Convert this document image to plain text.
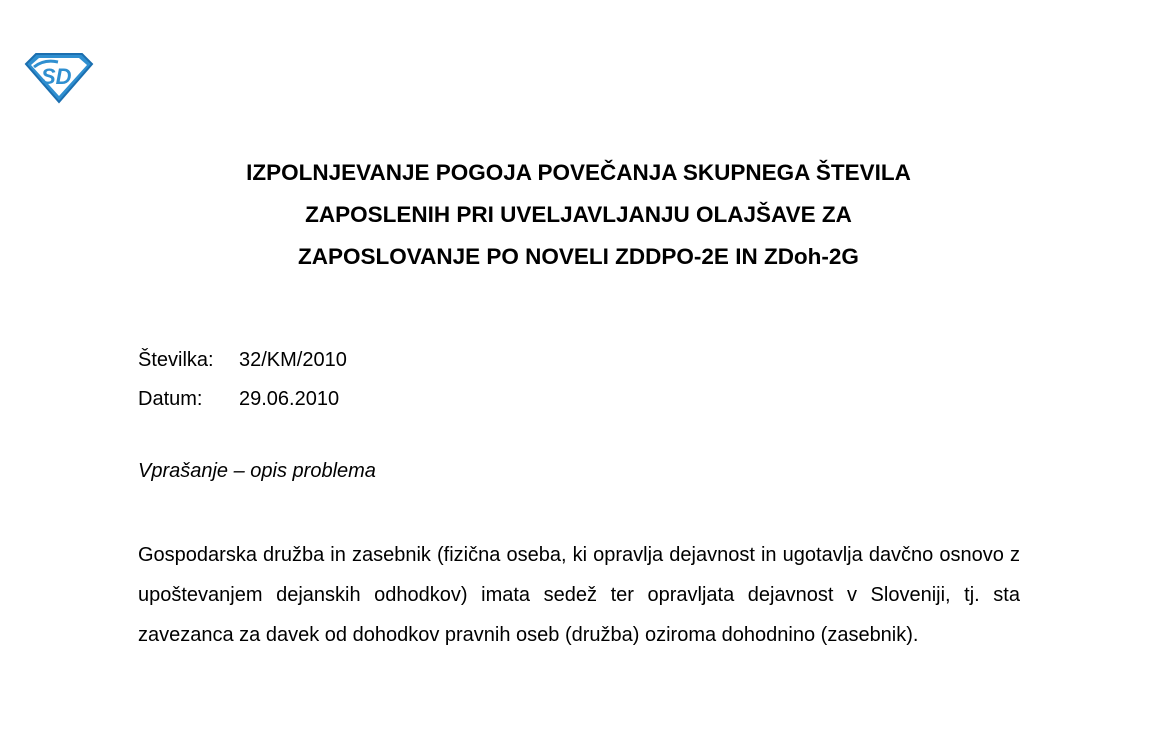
SD
IZPOLNJEVANJE POGOJA POVEČANJA SKUPNEGA ŠTEVILA
ZAPOSLENIH PRI UVELJAVLJANJU OLAJŠAVE ZA
ZAPOSLOVANJE PO NOVELI ZDDPO-2E IN ZDoh-2G
Številka:	32/KM/2010
Datum:	29.06.2010
Vprašanje – opis problema
Gospodarska družba in zasebnik (fizična oseba, ki opravlja dejavnost in ugotavlja davčno osnovo z upoštevanjem dejanskih odhodkov) imata sedež ter opravljata dejavnost v Sloveniji, tj. sta zavezanca za davek od dohodkov pravnih oseb (družba) oziroma dohodnino (zasebnik).
